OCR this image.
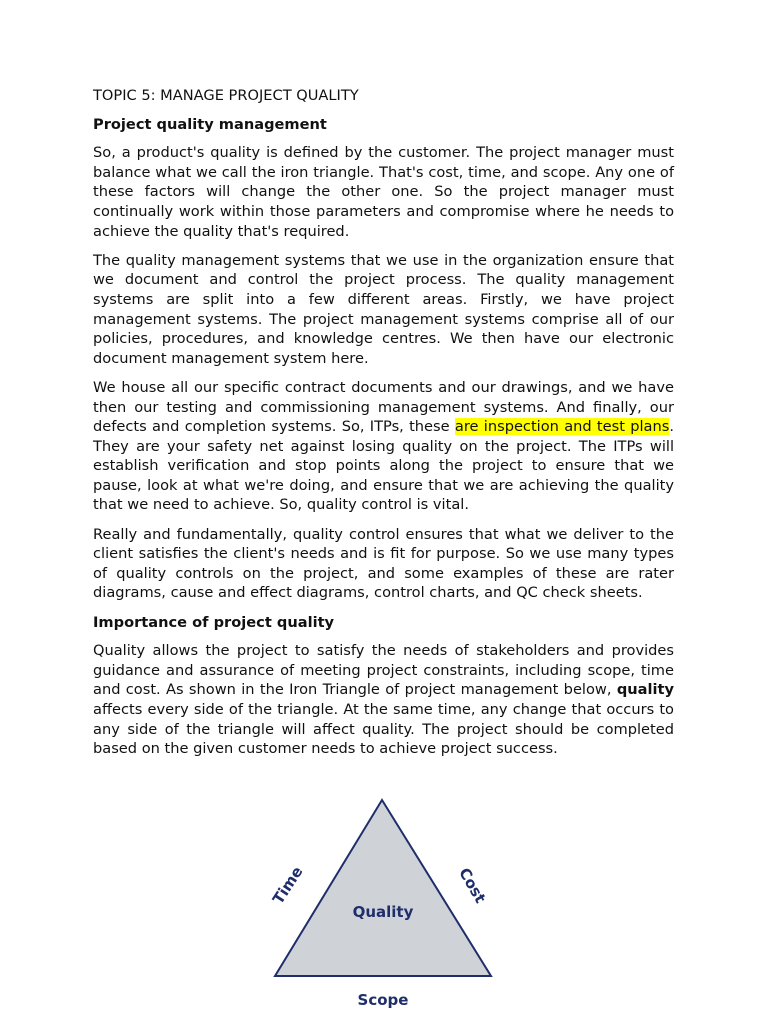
TOPIC 5: MANAGE PROJECT QUALITY
Project quality management

So, a product's quality is defined by the customer. The project manager must balance what we call the iron triangle. That's cost, time, and scope. Any one of these factors will change the other one. So the project manager must continually work within those parameters and compromise where he needs to achieve the quality that's required.

The quality management systems that we use in the organization ensure that we document and control the project process. The quality management systems are split into a few different areas. Firstly, we have project management systems. The project management systems comprise all of our policies, procedures, and knowledge centres. We then have our electronic document management system here.

We house all our specific contract documents and our drawings, and we have then our testing and commissioning management systems. And finally, our defects and completion systems. So, ITPs, these are inspection and test plans. They are your safety net against losing quality on the project. The ITPs will establish verification and stop points along the project to ensure that we pause, look at what we're doing, and ensure that we are achieving the quality that we need to achieve. So, quality control is vital.

Really and fundamentally, quality control ensures that what we deliver to the client satisfies the client's needs and is fit for purpose. So we use many types of quality controls on the project, and some examples of these are rater diagrams, cause and effect diagrams, control charts, and QC check sheets.

Importance of project quality

Quality allows the project to satisfy the needs of stakeholders and provides guidance and assurance of meeting project constraints, including scope, time and cost. As shown in the Iron Triangle of project management below, quality affects every side of the triangle. At the same time, any change that occurs to any side of the triangle will affect quality. The project should be completed based on the given customer needs to achieve project success.

Quality
Time	Cost
Scope
